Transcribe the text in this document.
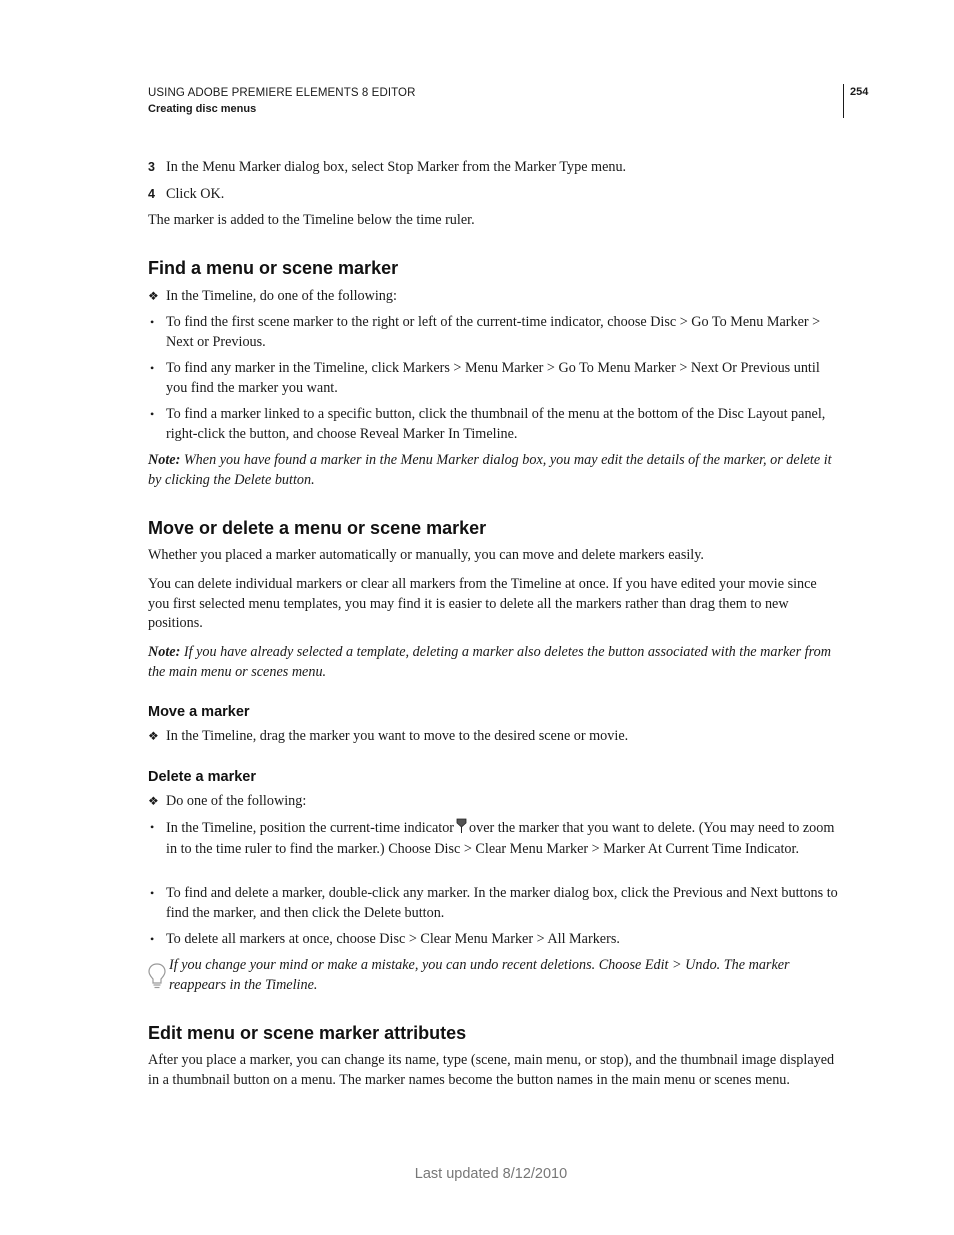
USING ADOBE PREMIERE ELEMENTS 8 EDITOR
Creating disc menus
254
3 In the Menu Marker dialog box, select Stop Marker from the Marker Type menu.
4 Click OK.
The marker is added to the Timeline below the time ruler.
Find a menu or scene marker
❖ In the Timeline, do one of the following:
• To find the first scene marker to the right or left of the current-time indicator, choose Disc > Go To Menu Marker > Next or Previous.
• To find any marker in the Timeline, click Markers > Menu Marker > Go To Menu Marker > Next Or Previous until you find the marker you want.
• To find a marker linked to a specific button, click the thumbnail of the menu at the bottom of the Disc Layout panel, right-click the button, and choose Reveal Marker In Timeline.
Note: When you have found a marker in the Menu Marker dialog box, you may edit the details of the marker, or delete it by clicking the Delete button.
Move or delete a menu or scene marker
Whether you placed a marker automatically or manually, you can move and delete markers easily.
You can delete individual markers or clear all markers from the Timeline at once. If you have edited your movie since you first selected menu templates, you may find it is easier to delete all the markers rather than drag them to new positions.
Note: If you have already selected a template, deleting a marker also deletes the button associated with the marker from the main menu or scenes menu.
Move a marker
❖ In the Timeline, drag the marker you want to move to the desired scene or movie.
Delete a marker
❖ Do one of the following:
• In the Timeline, position the current-time indicator over the marker that you want to delete. (You may need to zoom in to the time ruler to find the marker.) Choose Disc > Clear Menu Marker > Marker At Current Time Indicator.
• To find and delete a marker, double-click any marker. In the marker dialog box, click the Previous and Next buttons to find the marker, and then click the Delete button.
• To delete all markers at once, choose Disc > Clear Menu Marker > All Markers.
If you change your mind or make a mistake, you can undo recent deletions. Choose Edit > Undo. The marker reappears in the Timeline.
Edit menu or scene marker attributes
After you place a marker, you can change its name, type (scene, main menu, or stop), and the thumbnail image displayed in a thumbnail button on a menu. The marker names become the button names in the main menu or scenes menu.
Last updated 8/12/2010
